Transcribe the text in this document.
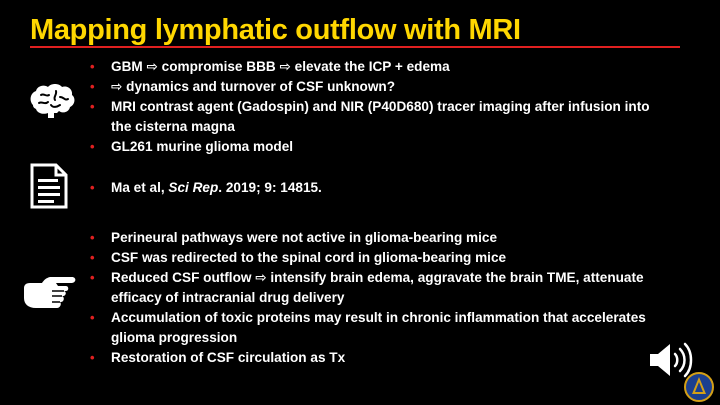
Mapping lymphatic outflow with MRI
• GBM ⇨ compromise BBB ⇨ elevate the ICP + edema
• ⇨ dynamics and turnover of CSF unknown?
• MRI contrast agent (Gadospin) and NIR (P40D680) tracer imaging after infusion into the cisterna magna
• GL261 murine glioma model
• Ma et al, Sci Rep. 2019; 9: 14815.
• Perineural pathways were not active in glioma-bearing mice
• CSF was redirected to the spinal cord in glioma-bearing mice
• Reduced CSF outflow ⇨ intensify brain edema, aggravate the brain TME, attenuate efficacy of intracranial drug delivery
• Accumulation of toxic proteins may result in chronic inflammation that accelerates glioma progression
• Restoration of CSF circulation as Tx
